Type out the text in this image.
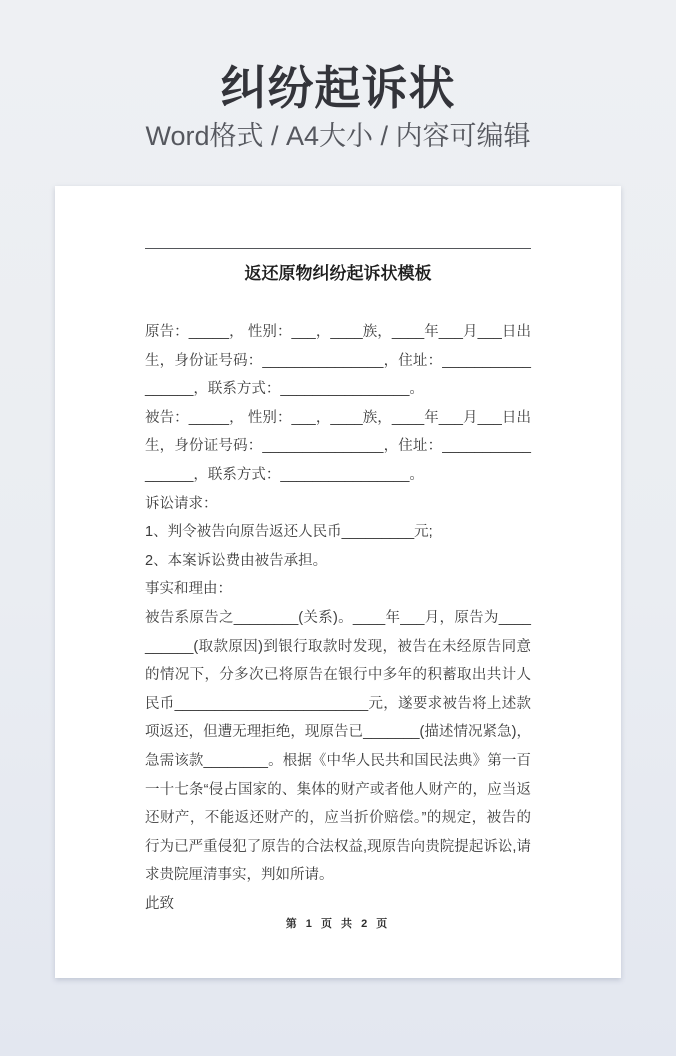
纠纷起诉状

Word格式 / A4大小 / 内容可编辑

返还原物纠纷起诉状模板

原告：_____， 性别：___，____族，____年___月___日出生，身份证号码：_______________，住址：_________________，联系方式：________________。

被告：_____， 性别：___，____族，____年___月___日出生，身份证号码：_______________，住址：_________________，联系方式：________________。

诉讼请求：

1、判令被告向原告返还人民币_________元;

2、本案诉讼费由被告承担。

事实和理由：

被告系原告之________(关系)。____年___月，原告为__________(取款原因)到银行取款时发现，被告在未经原告同意的情况下，分多次已将原告在银行中多年的积蓄取出共计人民币________________________元，遂要求被告将上述款项返还，但遭无理拒绝，现原告已_______(描述情况紧急)，急需该款________。根据《中华人民共和国民法典》第一百一十七条“侵占国家的、集体的财产或者他人财产的，应当返还财产，不能返还财产的，应当折价赔偿。”的规定，被告的行为已严重侵犯了原告的合法权益,现原告向贵院提起诉讼,请求贵院厘清事实，判如所请。

此致

第 1 页 共 2 页
